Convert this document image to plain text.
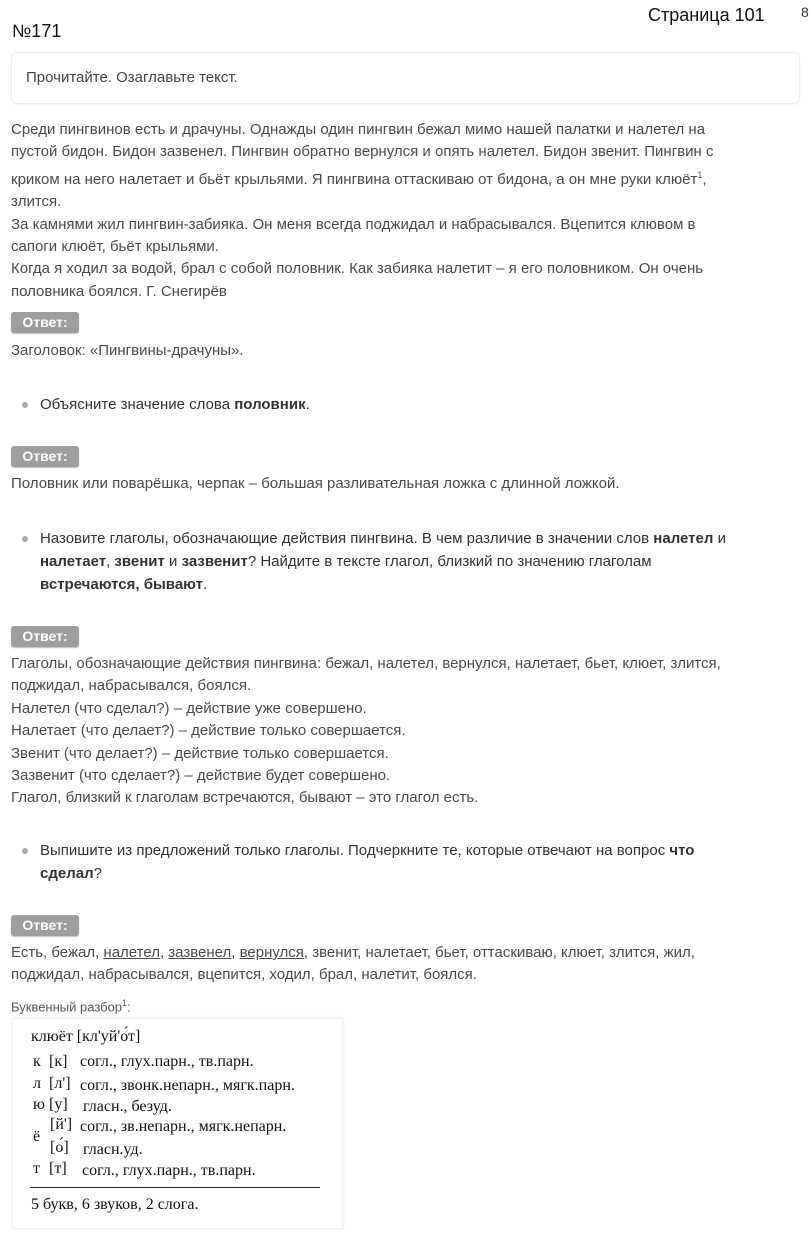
Страница 101	8
№171
Прочитайте. Озаглавьте текст.

Среди пингвинов есть и драчуны. Однажды один пингвин бежал мимо нашей палатки и налетел на

пустой бидон. Бидон зазвенел. Пингвин обратно вернулся и опять налетел. Бидон звенит. Пингвин с

криком на него налетает и бьёт крыльями. Я пингвина оттаскиваю от бидона, а он мне руки клюёт$^1$,

злится.

За камнями жил пингвин-забияка. Он меня всегда поджидал и набрасывался. Вцепится клювом в

сапоги клюёт, бьёт крыльями.

Когда я ходил за водой, брал с собой половник. Как забияка налетит – я его половником. Он очень

половника боялся. Г. Снегирёв

Ответ:
Заголовок: «Пингвины-драчуны».
Объясните значение слова половник.
Ответ:
Половник или поварёшка, черпак – большая разливательная ложка с длинной ложкой.
Назовите глаголы, обозначающие действия пингвина. В чем различие в значении слов налетел и
налетает, звенит и зазвенит? Найдите в тексте глагол, близкий по значению глаголам
встречаются, бывают.
Ответ:

Глаголы, обозначающие действия пингвина: бежал, налетел, вернулся, налетает, бьет, клюет, злится,

поджидал, набрасывался, боялся.

Налетел (что сделал?) – действие уже совершено.

Налетает (что делает?) – действие только совершается.

Звенит (что делает?) – действие только совершается.

Зазвенит (что сделает?) – действие будет совершено.

Глагол, близкий к глаголам встречаются, бывают – это глагол есть.

Выпишите из предложений только глаголы. Подчеркните те, которые отвечают на вопрос что
сделал?
Ответ:

Есть, бежал, налетел, зазвенел, вернулся, звенит, налетает, бьет, оттаскиваю, клюет, злится, жил,

поджидал, набрасывался, вцепится, ходил, брал, налетит, боялся.

Буквенный разбор$^1$:
клюёт [кл'уй'о́т]
к [к] согл., глух.парн., тв.парн.
л [л'] согл., звонк.непарн., мягк.парн.
ю [у] гласн., безуд.
ё
[й'] согл., зв.непарн., мягк.непарн.
[о́] гласн.уд.
т [т] согл., глух.парн., тв.парн.
5 букв, 6 звуков, 2 слога.
